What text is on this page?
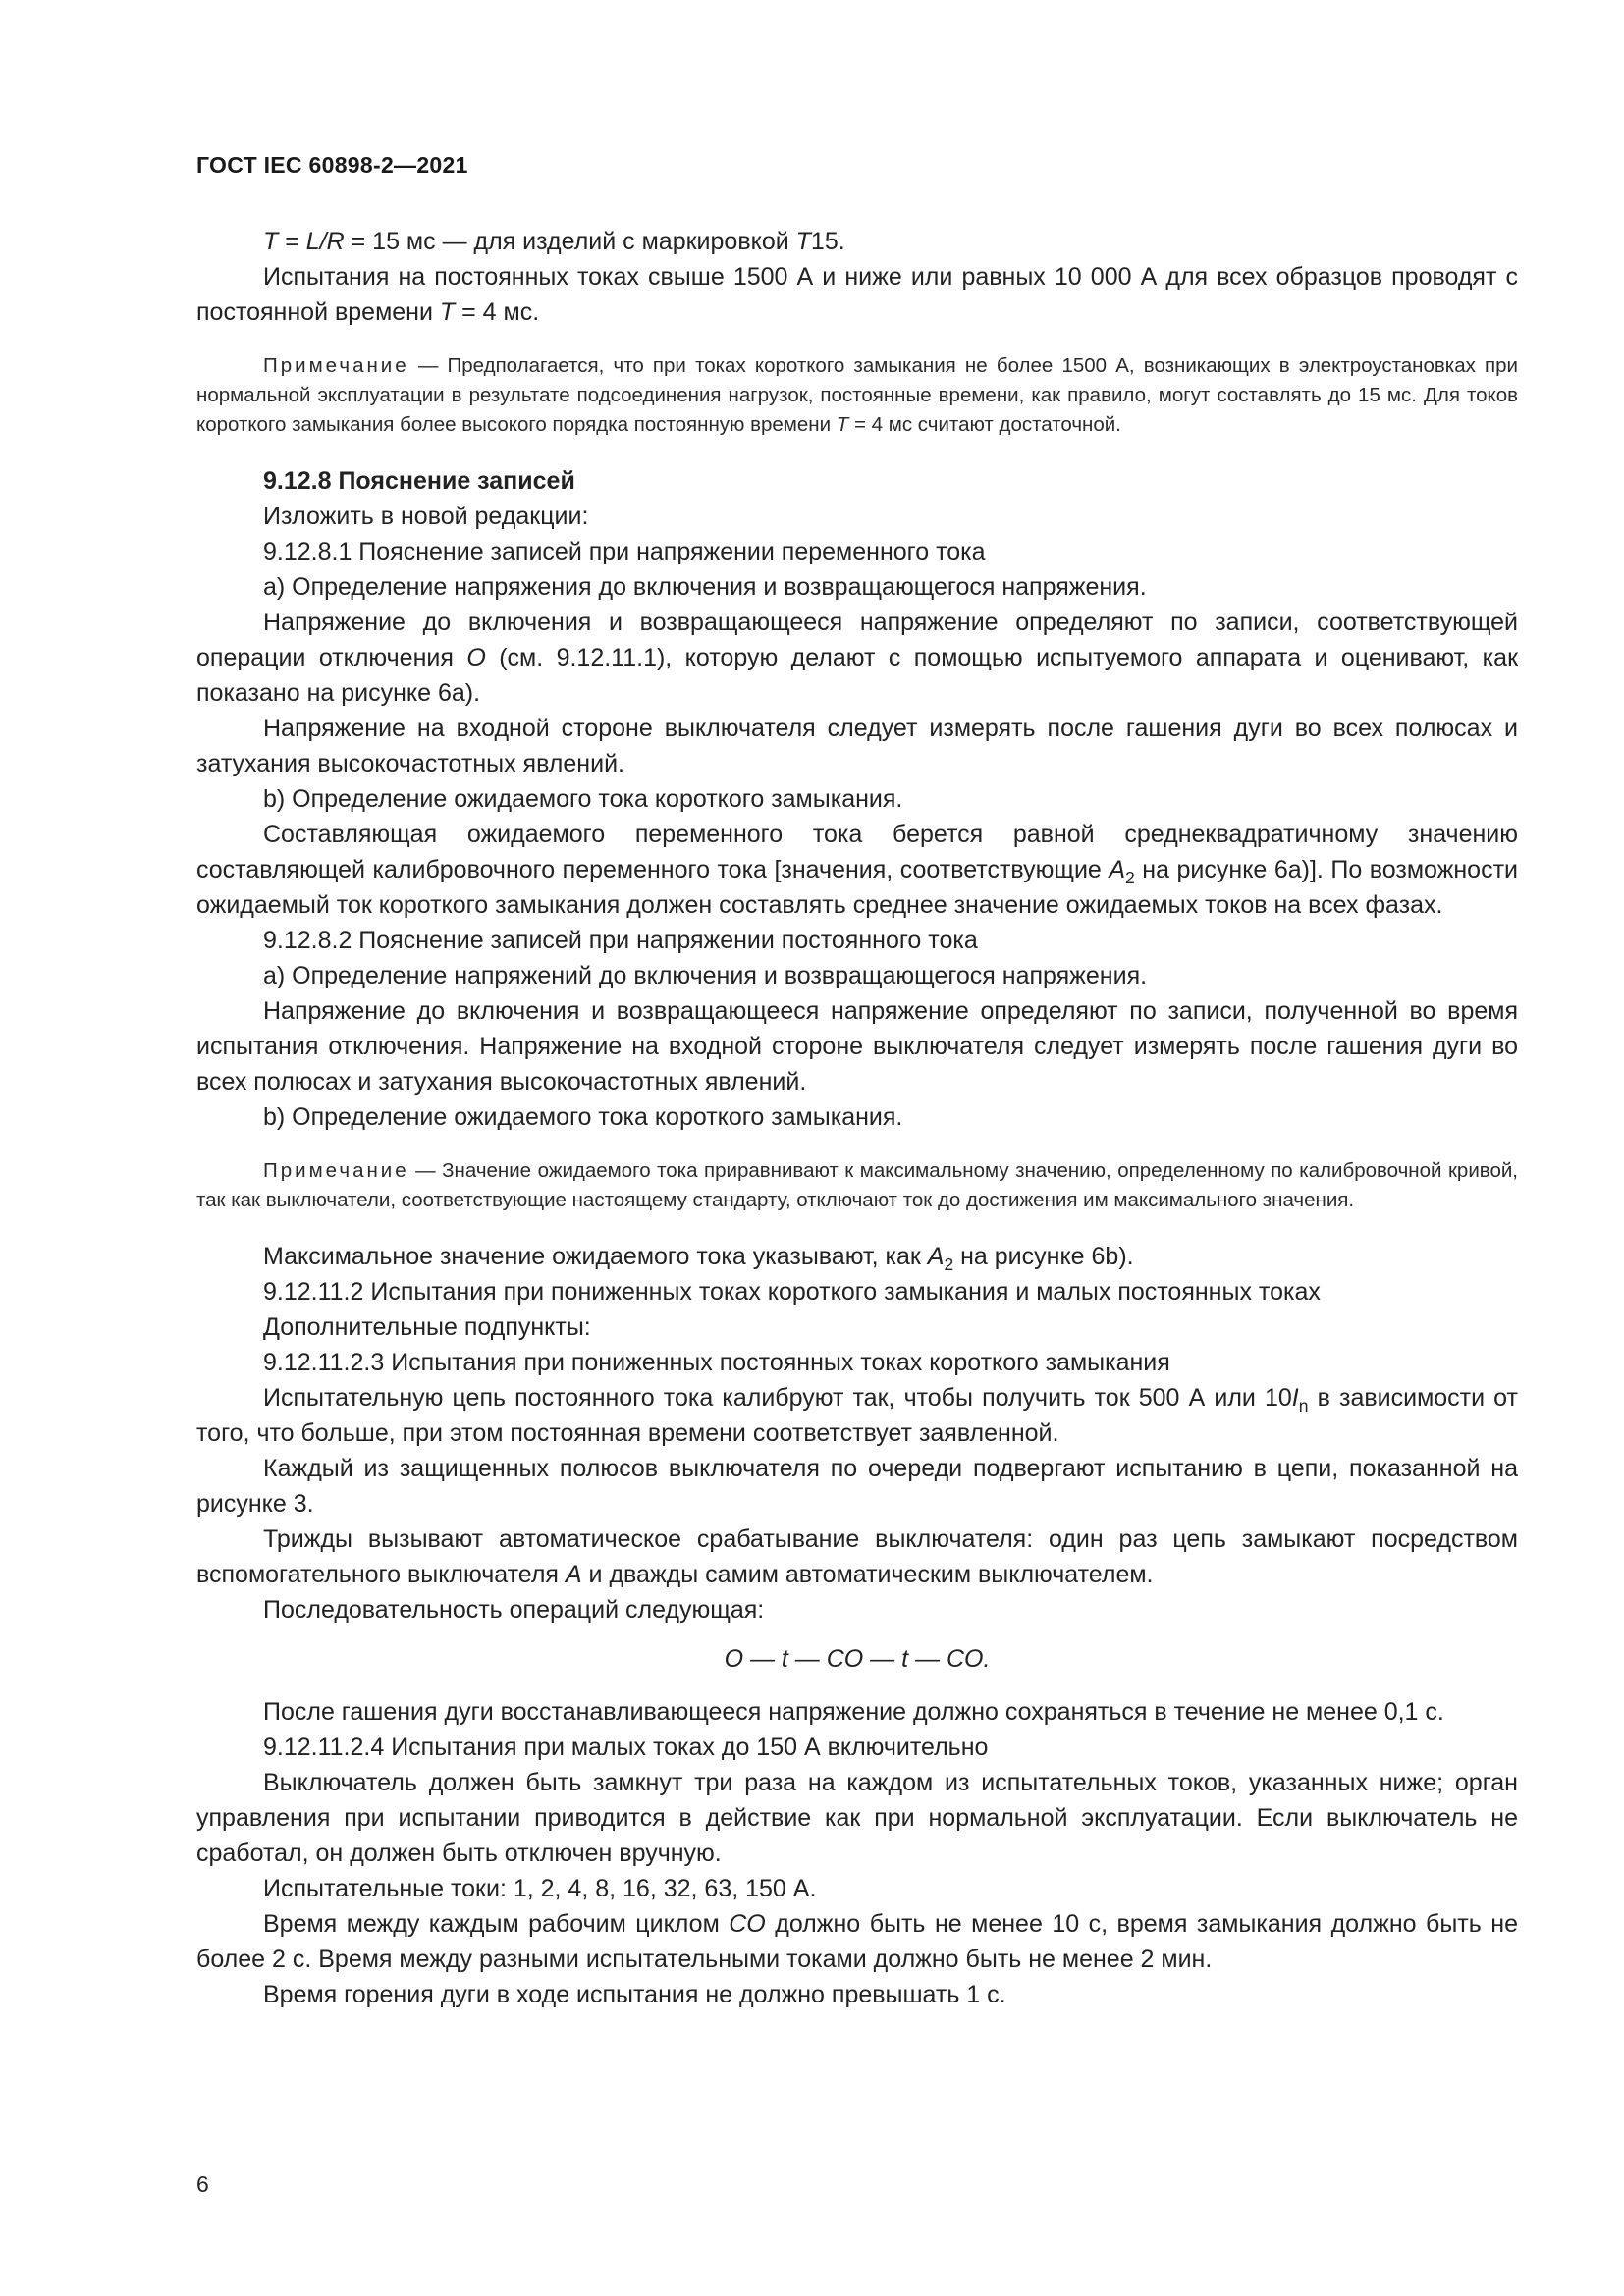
ГОСТ IEC 60898-2—2021

T = L/R = 15 мс — для изделий с маркировкой T15.

Испытания на постоянных токах свыше 1500 А и ниже или равных 10 000 А для всех образцов проводят с постоянной времени T = 4 мс.

Примечание — Предполагается, что при токах короткого замыкания не более 1500 А, возникающих в электроустановках при нормальной эксплуатации в результате подсоединения нагрузок, постоянные времени, как правило, могут составлять до 15 мс. Для токов короткого замыкания более высокого порядка постоянную времени T = 4 мс считают достаточной.

9.12.8 Пояснение записей

Изложить в новой редакции:

9.12.8.1 Пояснение записей при напряжении переменного тока

a) Определение напряжения до включения и возвращающегося напряжения.

Напряжение до включения и возвращающееся напряжение определяют по записи, соответствующей операции отключения O (см. 9.12.11.1), которую делают с помощью испытуемого аппарата и оценивают, как показано на рисунке 6a).

Напряжение на входной стороне выключателя следует измерять после гашения дуги во всех полюсах и затухания высокочастотных явлений.

b) Определение ожидаемого тока короткого замыкания.

Составляющая ожидаемого переменного тока берется равной среднеквадратичному значению составляющей калибровочного переменного тока [значения, соответствующие $A_2$ на рисунке 6a)]. По возможности ожидаемый ток короткого замыкания должен составлять среднее значение ожидаемых токов на всех фазах.

9.12.8.2 Пояснение записей при напряжении постоянного тока

a) Определение напряжений до включения и возвращающегося напряжения.

Напряжение до включения и возвращающееся напряжение определяют по записи, полученной во время испытания отключения. Напряжение на входной стороне выключателя следует измерять после гашения дуги во всех полюсах и затухания высокочастотных явлений.

b) Определение ожидаемого тока короткого замыкания.

Примечание — Значение ожидаемого тока приравнивают к максимальному значению, определенному по калибровочной кривой, так как выключатели, соответствующие настоящему стандарту, отключают ток до достижения им максимального значения.

Максимальное значение ожидаемого тока указывают, как $A_2$ на рисунке 6b).

9.12.11.2 Испытания при пониженных токах короткого замыкания и малых постоянных токах

Дополнительные подпункты:

9.12.11.2.3 Испытания при пониженных постоянных токах короткого замыкания

Испытательную цепь постоянного тока калибруют так, чтобы получить ток 500 А или $10I_n$ в зависимости от того, что больше, при этом постоянная времени соответствует заявленной.

Каждый из защищенных полюсов выключателя по очереди подвергают испытанию в цепи, показанной на рисунке 3.

Трижды вызывают автоматическое срабатывание выключателя: один раз цепь замыкают посредством вспомогательного выключателя A и дважды самим автоматическим выключателем.

Последовательность операций следующая:

O — t — CO — t — CO.

После гашения дуги восстанавливающееся напряжение должно сохраняться в течение не менее 0,1 с.

9.12.11.2.4 Испытания при малых токах до 150 А включительно

Выключатель должен быть замкнут три раза на каждом из испытательных токов, указанных ниже; орган управления при испытании приводится в действие как при нормальной эксплуатации. Если выключатель не сработал, он должен быть отключен вручную.

Испытательные токи: 1, 2, 4, 8, 16, 32, 63, 150 А.

Время между каждым рабочим циклом CO должно быть не менее 10 с, время замыкания должно быть не более 2 с. Время между разными испытательными токами должно быть не менее 2 мин.

Время горения дуги в ходе испытания не должно превышать 1 с.

6
